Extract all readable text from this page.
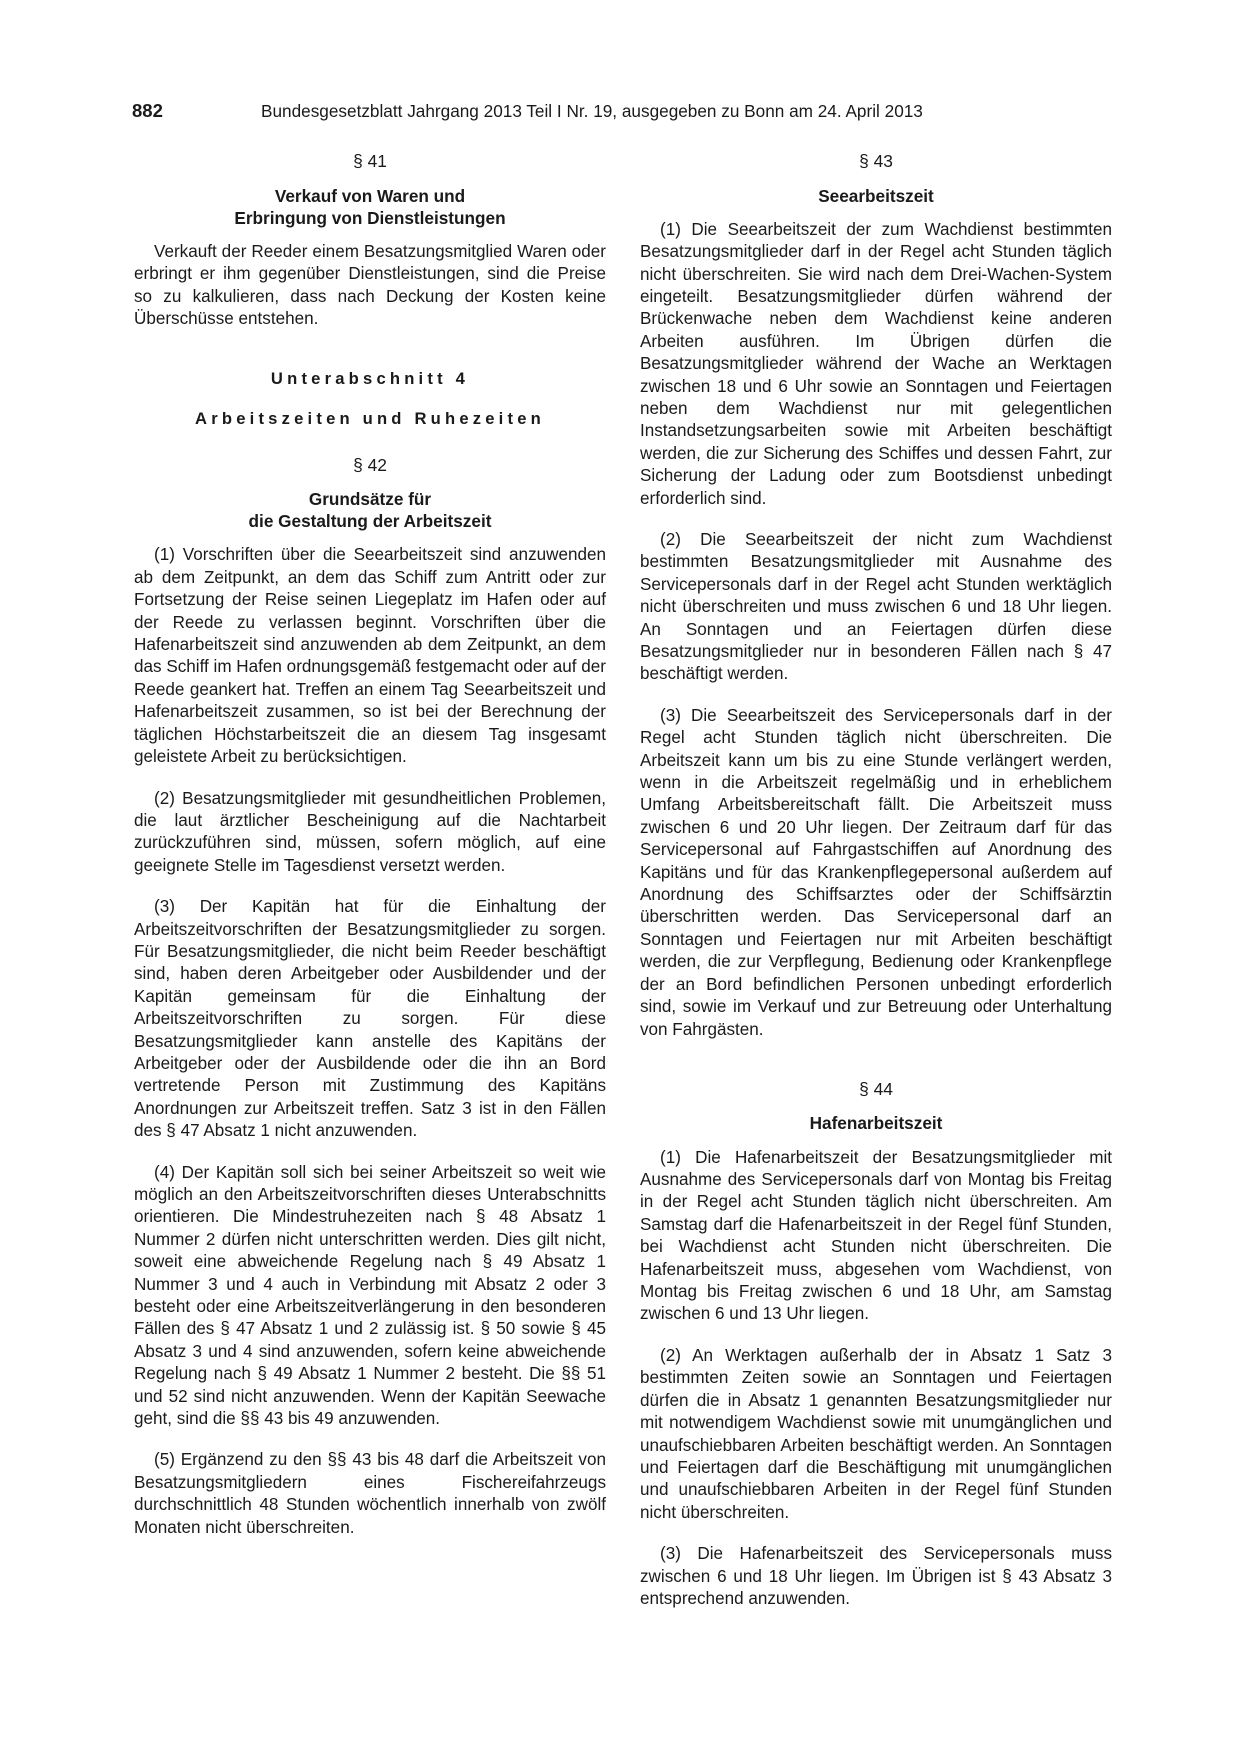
882	Bundesgesetzblatt Jahrgang 2013 Teil I Nr. 19, ausgegeben zu Bonn am 24. April 2013
§ 41
Verkauf von Waren und
Erbringung von Dienstleistungen

Verkauft der Reeder einem Besatzungsmitglied Waren oder erbringt er ihm gegenüber Dienstleistungen, sind die Preise so zu kalkulieren, dass nach Deckung der Kosten keine Überschüsse entstehen.

Unterabschnitt 4
Arbeitszeiten und Ruhezeiten
§ 42
Grundsätze für
die Gestaltung der Arbeitszeit

(1) Vorschriften über die Seearbeitszeit sind anzuwenden ab dem Zeitpunkt, an dem das Schiff zum Antritt oder zur Fortsetzung der Reise seinen Liegeplatz im Hafen oder auf der Reede zu verlassen beginnt. Vorschriften über die Hafenarbeitszeit sind anzuwenden ab dem Zeitpunkt, an dem das Schiff im Hafen ordnungsgemäß festgemacht oder auf der Reede geankert hat. Treffen an einem Tag Seearbeitszeit und Hafenarbeitszeit zusammen, so ist bei der Berechnung der täglichen Höchstarbeitszeit die an diesem Tag insgesamt geleistete Arbeit zu berücksichtigen.

(2) Besatzungsmitglieder mit gesundheitlichen Problemen, die laut ärztlicher Bescheinigung auf die Nachtarbeit zurückzuführen sind, müssen, sofern möglich, auf eine geeignete Stelle im Tagesdienst versetzt werden.

(3) Der Kapitän hat für die Einhaltung der Arbeitszeitvorschriften der Besatzungsmitglieder zu sorgen. Für Besatzungsmitglieder, die nicht beim Reeder beschäftigt sind, haben deren Arbeitgeber oder Ausbildender und der Kapitän gemeinsam für die Einhaltung der Arbeitszeitvorschriften zu sorgen. Für diese Besatzungsmitglieder kann anstelle des Kapitäns der Arbeitgeber oder der Ausbildende oder die ihn an Bord vertretende Person mit Zustimmung des Kapitäns Anordnungen zur Arbeitszeit treffen. Satz 3 ist in den Fällen des § 47 Absatz 1 nicht anzuwenden.

(4) Der Kapitän soll sich bei seiner Arbeitszeit so weit wie möglich an den Arbeitszeitvorschriften dieses Unterabschnitts orientieren. Die Mindestruhezeiten nach § 48 Absatz 1 Nummer 2 dürfen nicht unterschritten werden. Dies gilt nicht, soweit eine abweichende Regelung nach § 49 Absatz 1 Nummer 3 und 4 auch in Verbindung mit Absatz 2 oder 3 besteht oder eine Arbeitszeitverlängerung in den besonderen Fällen des § 47 Absatz 1 und 2 zulässig ist. § 50 sowie § 45 Absatz 3 und 4 sind anzuwenden, sofern keine abweichende Regelung nach § 49 Absatz 1 Nummer 2 besteht. Die §§ 51 und 52 sind nicht anzuwenden. Wenn der Kapitän Seewache geht, sind die §§ 43 bis 49 anzuwenden.

(5) Ergänzend zu den §§ 43 bis 48 darf die Arbeitszeit von Besatzungsmitgliedern eines Fischereifahrzeugs durchschnittlich 48 Stunden wöchentlich innerhalb von zwölf Monaten nicht überschreiten.

§ 43
Seearbeitszeit

(1) Die Seearbeitszeit der zum Wachdienst bestimmten Besatzungsmitglieder darf in der Regel acht Stunden täglich nicht überschreiten. Sie wird nach dem Drei-Wachen-System eingeteilt. Besatzungsmitglieder dürfen während der Brückenwache neben dem Wachdienst keine anderen Arbeiten ausführen. Im Übrigen dürfen die Besatzungsmitglieder während der Wache an Werktagen zwischen 18 und 6 Uhr sowie an Sonntagen und Feiertagen neben dem Wachdienst nur mit gelegentlichen Instandsetzungsarbeiten sowie mit Arbeiten beschäftigt werden, die zur Sicherung des Schiffes und dessen Fahrt, zur Sicherung der Ladung oder zum Bootsdienst unbedingt erforderlich sind.

(2) Die Seearbeitszeit der nicht zum Wachdienst bestimmten Besatzungsmitglieder mit Ausnahme des Servicepersonals darf in der Regel acht Stunden werktäglich nicht überschreiten und muss zwischen 6 und 18 Uhr liegen. An Sonntagen und an Feiertagen dürfen diese Besatzungsmitglieder nur in besonderen Fällen nach § 47 beschäftigt werden.

(3) Die Seearbeitszeit des Servicepersonals darf in der Regel acht Stunden täglich nicht überschreiten. Die Arbeitszeit kann um bis zu eine Stunde verlängert werden, wenn in die Arbeitszeit regelmäßig und in erheblichem Umfang Arbeitsbereitschaft fällt. Die Arbeitszeit muss zwischen 6 und 20 Uhr liegen. Der Zeitraum darf für das Servicepersonal auf Fahrgastschiffen auf Anordnung des Kapitäns und für das Krankenpflegepersonal außerdem auf Anordnung des Schiffsarztes oder der Schiffsärztin überschritten werden. Das Servicepersonal darf an Sonntagen und Feiertagen nur mit Arbeiten beschäftigt werden, die zur Verpflegung, Bedienung oder Krankenpflege der an Bord befindlichen Personen unbedingt erforderlich sind, sowie im Verkauf und zur Betreuung oder Unterhaltung von Fahrgästen.

§ 44
Hafenarbeitszeit

(1) Die Hafenarbeitszeit der Besatzungsmitglieder mit Ausnahme des Servicepersonals darf von Montag bis Freitag in der Regel acht Stunden täglich nicht überschreiten. Am Samstag darf die Hafenarbeitszeit in der Regel fünf Stunden, bei Wachdienst acht Stunden nicht überschreiten. Die Hafenarbeitszeit muss, abgesehen vom Wachdienst, von Montag bis Freitag zwischen 6 und 18 Uhr, am Samstag zwischen 6 und 13 Uhr liegen.

(2) An Werktagen außerhalb der in Absatz 1 Satz 3 bestimmten Zeiten sowie an Sonntagen und Feiertagen dürfen die in Absatz 1 genannten Besatzungsmitglieder nur mit notwendigem Wachdienst sowie mit unumgänglichen und unaufschiebbaren Arbeiten beschäftigt werden. An Sonntagen und Feiertagen darf die Beschäftigung mit unumgänglichen und unaufschiebbaren Arbeiten in der Regel fünf Stunden nicht überschreiten.

(3) Die Hafenarbeitszeit des Servicepersonals muss zwischen 6 und 18 Uhr liegen. Im Übrigen ist § 43 Absatz 3 entsprechend anzuwenden.
